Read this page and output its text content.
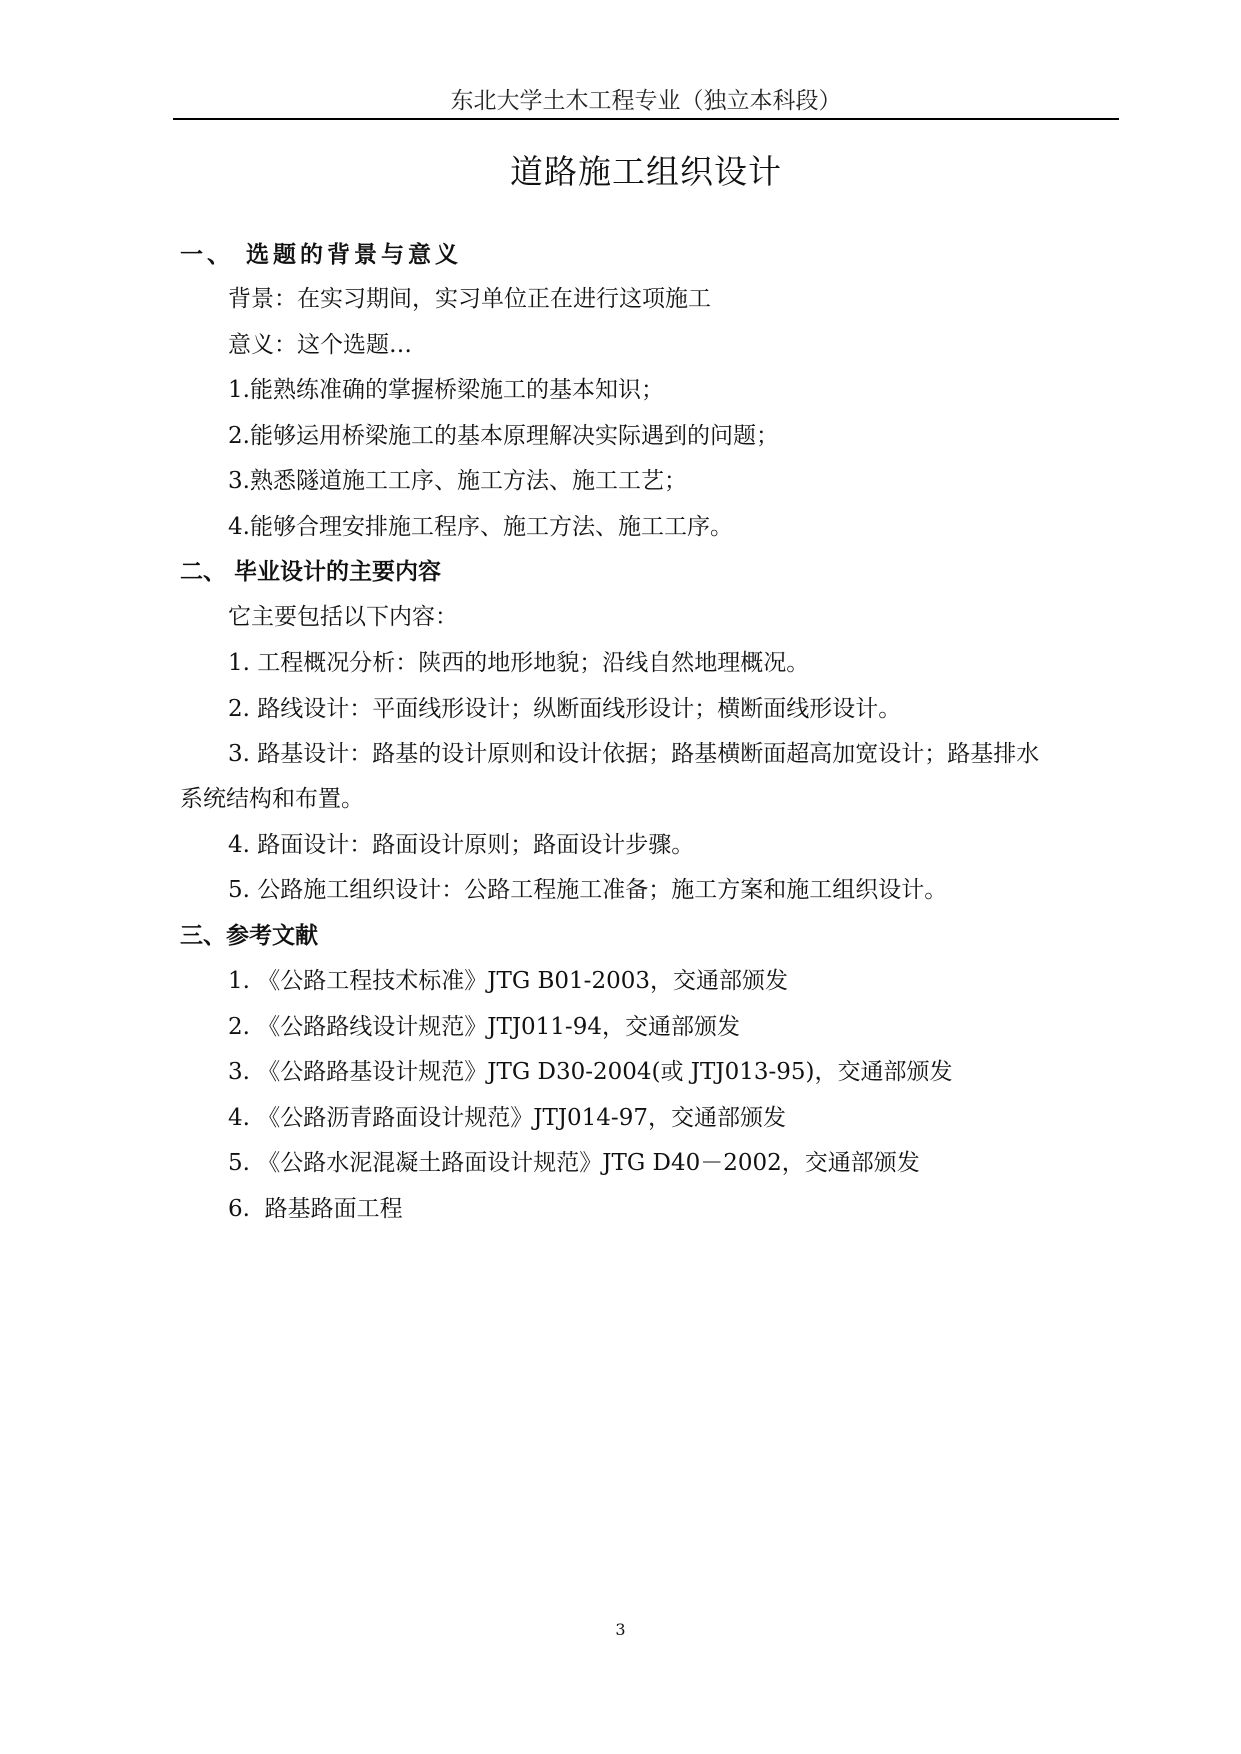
东北大学土木工程专业（独立本科段）
道路施工组织设计
一、 选题的背景与意义
背景：在实习期间，实习单位正在进行这项施工
意义：这个选题…
1.能熟练准确的掌握桥梁施工的基本知识；
2.能够运用桥梁施工的基本原理解决实际遇到的问题；
3.熟悉隧道施工工序、施工方法、施工工艺；
4.能够合理安排施工程序、施工方法、施工工序。
二、 毕业设计的主要内容
它主要包括以下内容：
1. 工程概况分析：陕西的地形地貌；沿线自然地理概况。
2. 路线设计：平面线形设计；纵断面线形设计；横断面线形设计。
3. 路基设计：路基的设计原则和设计依据；路基横断面超高加宽设计；路基排水
系统结构和布置。
4. 路面设计：路面设计原则；路面设计步骤。
5. 公路施工组织设计：公路工程施工准备；施工方案和施工组织设计。
三、参考文献
1. 《公路工程技术标准》JTG B01-2003，交通部颁发
2. 《公路路线设计规范》JTJ011-94，交通部颁发
3. 《公路路基设计规范》JTG D30-2004(或 JTJ013-95)，交通部颁发
4. 《公路沥青路面设计规范》JTJ014-97，交通部颁发
5. 《公路水泥混凝土路面设计规范》JTG D40－2002，交通部颁发
6.  路基路面工程
3
